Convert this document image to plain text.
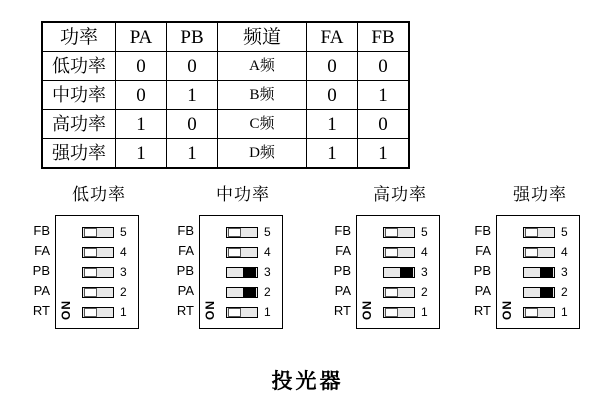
功率	PA	PB	频道	FA	FB
低功率	0	0	A频	0	0
中功率	0	1	B频	0	1
高功率	1	0	C频	1	0
强功率	1	1	D频	1	1
低功率
FB
FA
PB
PA
RT ON
5
4
3
2
1
中功率
FB
FA
PB
PA
RT ON
5
4
3
2
1
高功率
FB
FA
PB
PA
RT ON
5
4
3
2
1
强功率
FB
FA
PB
PA
RT ON
5
4
3
2
1
投光器
